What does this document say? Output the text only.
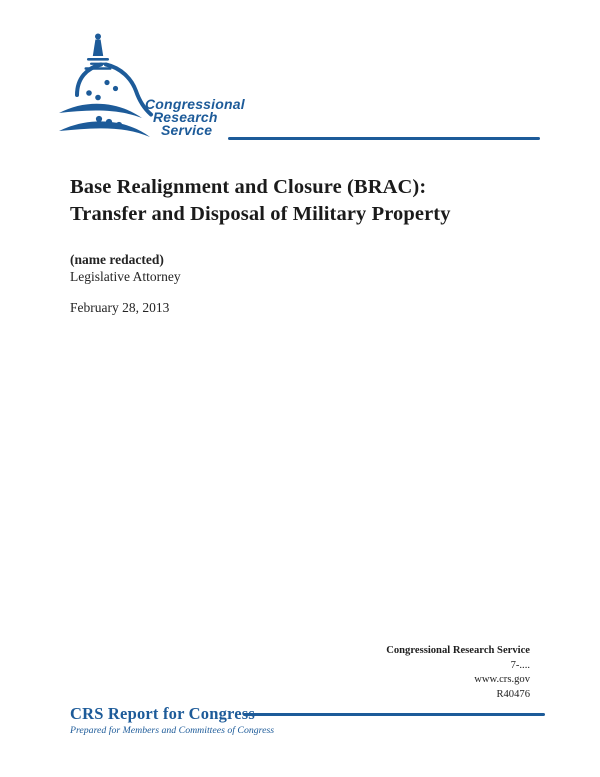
Congressional
Research
Service
Base Realignment and Closure (BRAC):
Transfer and Disposal of Military Property
(name redacted)
Legislative Attorney
February 28, 2013
Congressional Research Service
7-....
www.crs.gov
R40476
CRS Report for Congress
Prepared for Members and Committees of Congress
